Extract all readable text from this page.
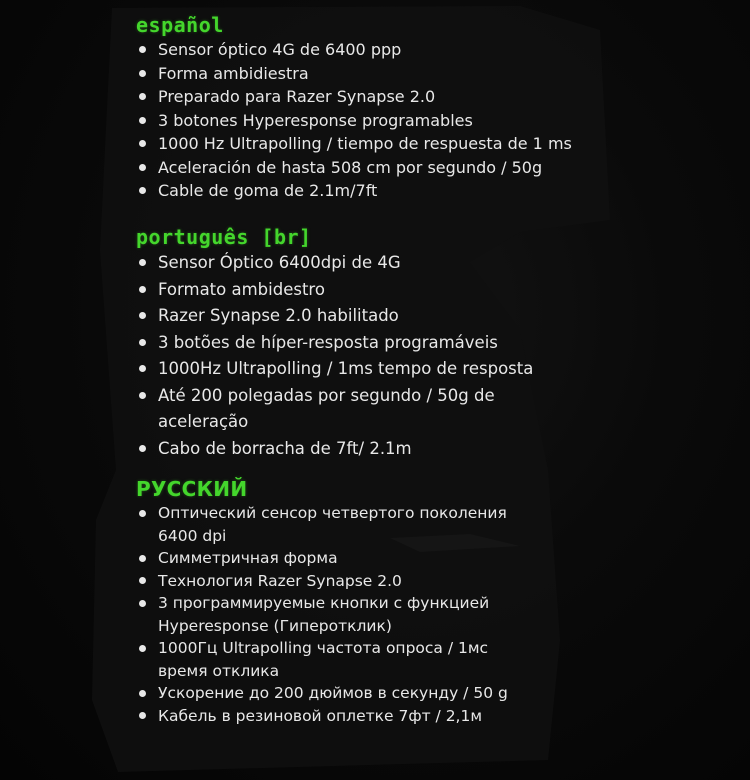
español
Sensor óptico 4G de 6400 ppp
Forma ambidiestra
Preparado para Razer Synapse 2.0
3 botones Hyperesponse programables
1000 Hz Ultrapolling / tiempo de respuesta de 1 ms
Aceleración de hasta 508 cm por segundo / 50g
Cable de goma de 2.1m/7ft
português [br]
Sensor Óptico 6400dpi de 4G
Formato ambidestro
Razer Synapse 2.0 habilitado
3 botões de híper-resposta programáveis
1000Hz Ultrapolling / 1ms tempo de resposta
Até 200 polegadas por segundo / 50g de
aceleração
Cabo de borracha de 7ft/ 2.1m
РУССКИЙ
Оптический сенсор четвертого поколения
6400 dpi
Симметричная форма
Технология Razer Synapse 2.0
3 программируемые кнопки с функцией
Hyperesponse (Гиперотклик)
1000Гц Ultrapolling частота опроса / 1мс
время отклика
Ускорение до 200 дюймов в секунду / 50 g
Кабель в резиновой оплетке 7фт / 2,1м
